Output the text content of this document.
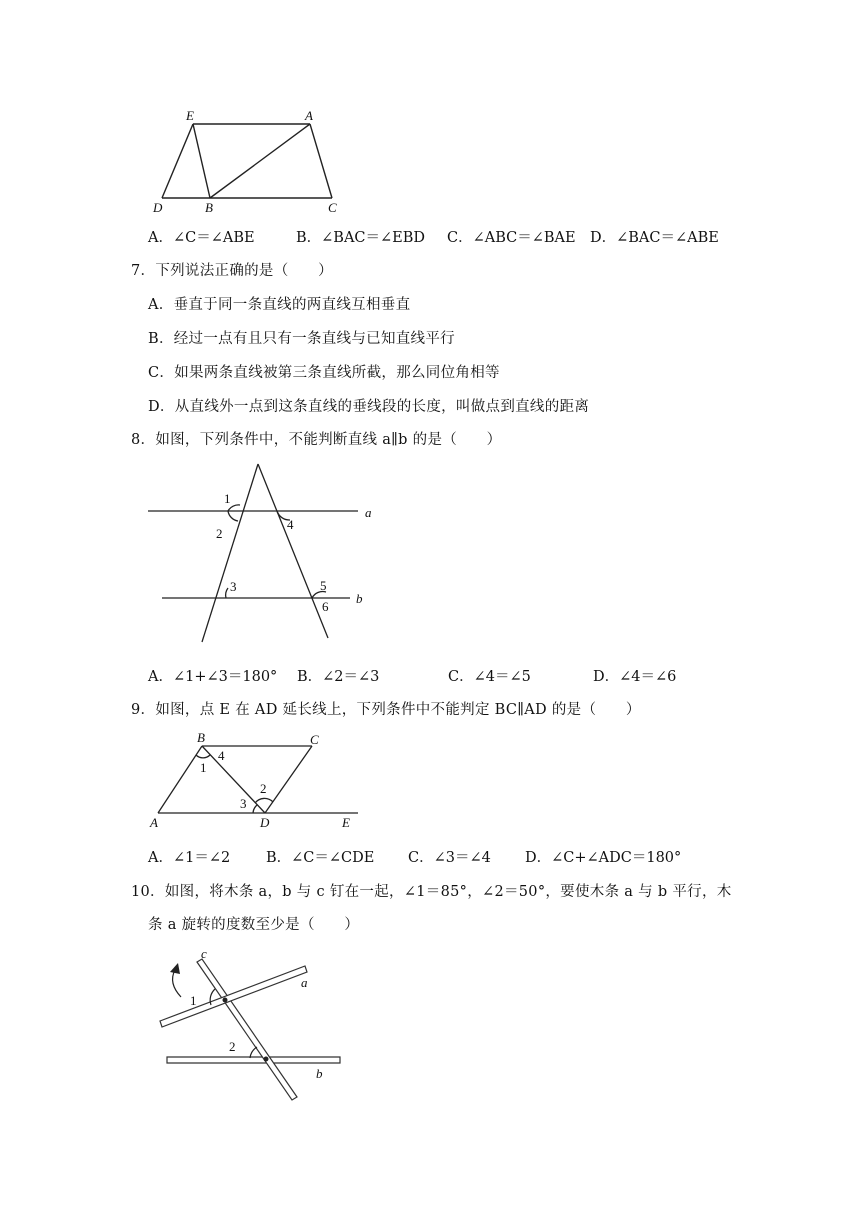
E	A
D	B	C
A．∠C＝∠ABE	B．∠BAC＝∠EBD C．∠ABC＝∠BAE D．∠BAC＝∠ABE
7．下列说法正确的是（　　）
A．垂直于同一条直线的两直线互相垂直
B．经过一点有且只有一条直线与已知直线平行
C．如果两条直线被第三条直线所截，那么同位角相等
D．从直线外一点到这条直线的垂线段的长度，叫做点到直线的距离
8．如图，下列条件中，不能判断直线 a∥b 的是（　　）
1
2
4
a
3	5
6
b
A．∠1+∠3＝180° B．∠2＝∠3	C．∠4＝∠5	D．∠4＝∠6
9．如图，点 E 在 AD 延长线上，下列条件中不能判定 BC∥AD 的是（　　）
B	C
4
1
2
3
A	D	E
A．∠1＝∠2 B．∠C＝∠CDE C．∠3＝∠4 D．∠C+∠ADC＝180°
10．如图，将木条 a，b 与 c 钉在一起，∠1＝85°，∠2＝50°，要使木条 a 与 b 平行，木
条 a 旋转的度数至少是（　　）
c
1
a
2
b
